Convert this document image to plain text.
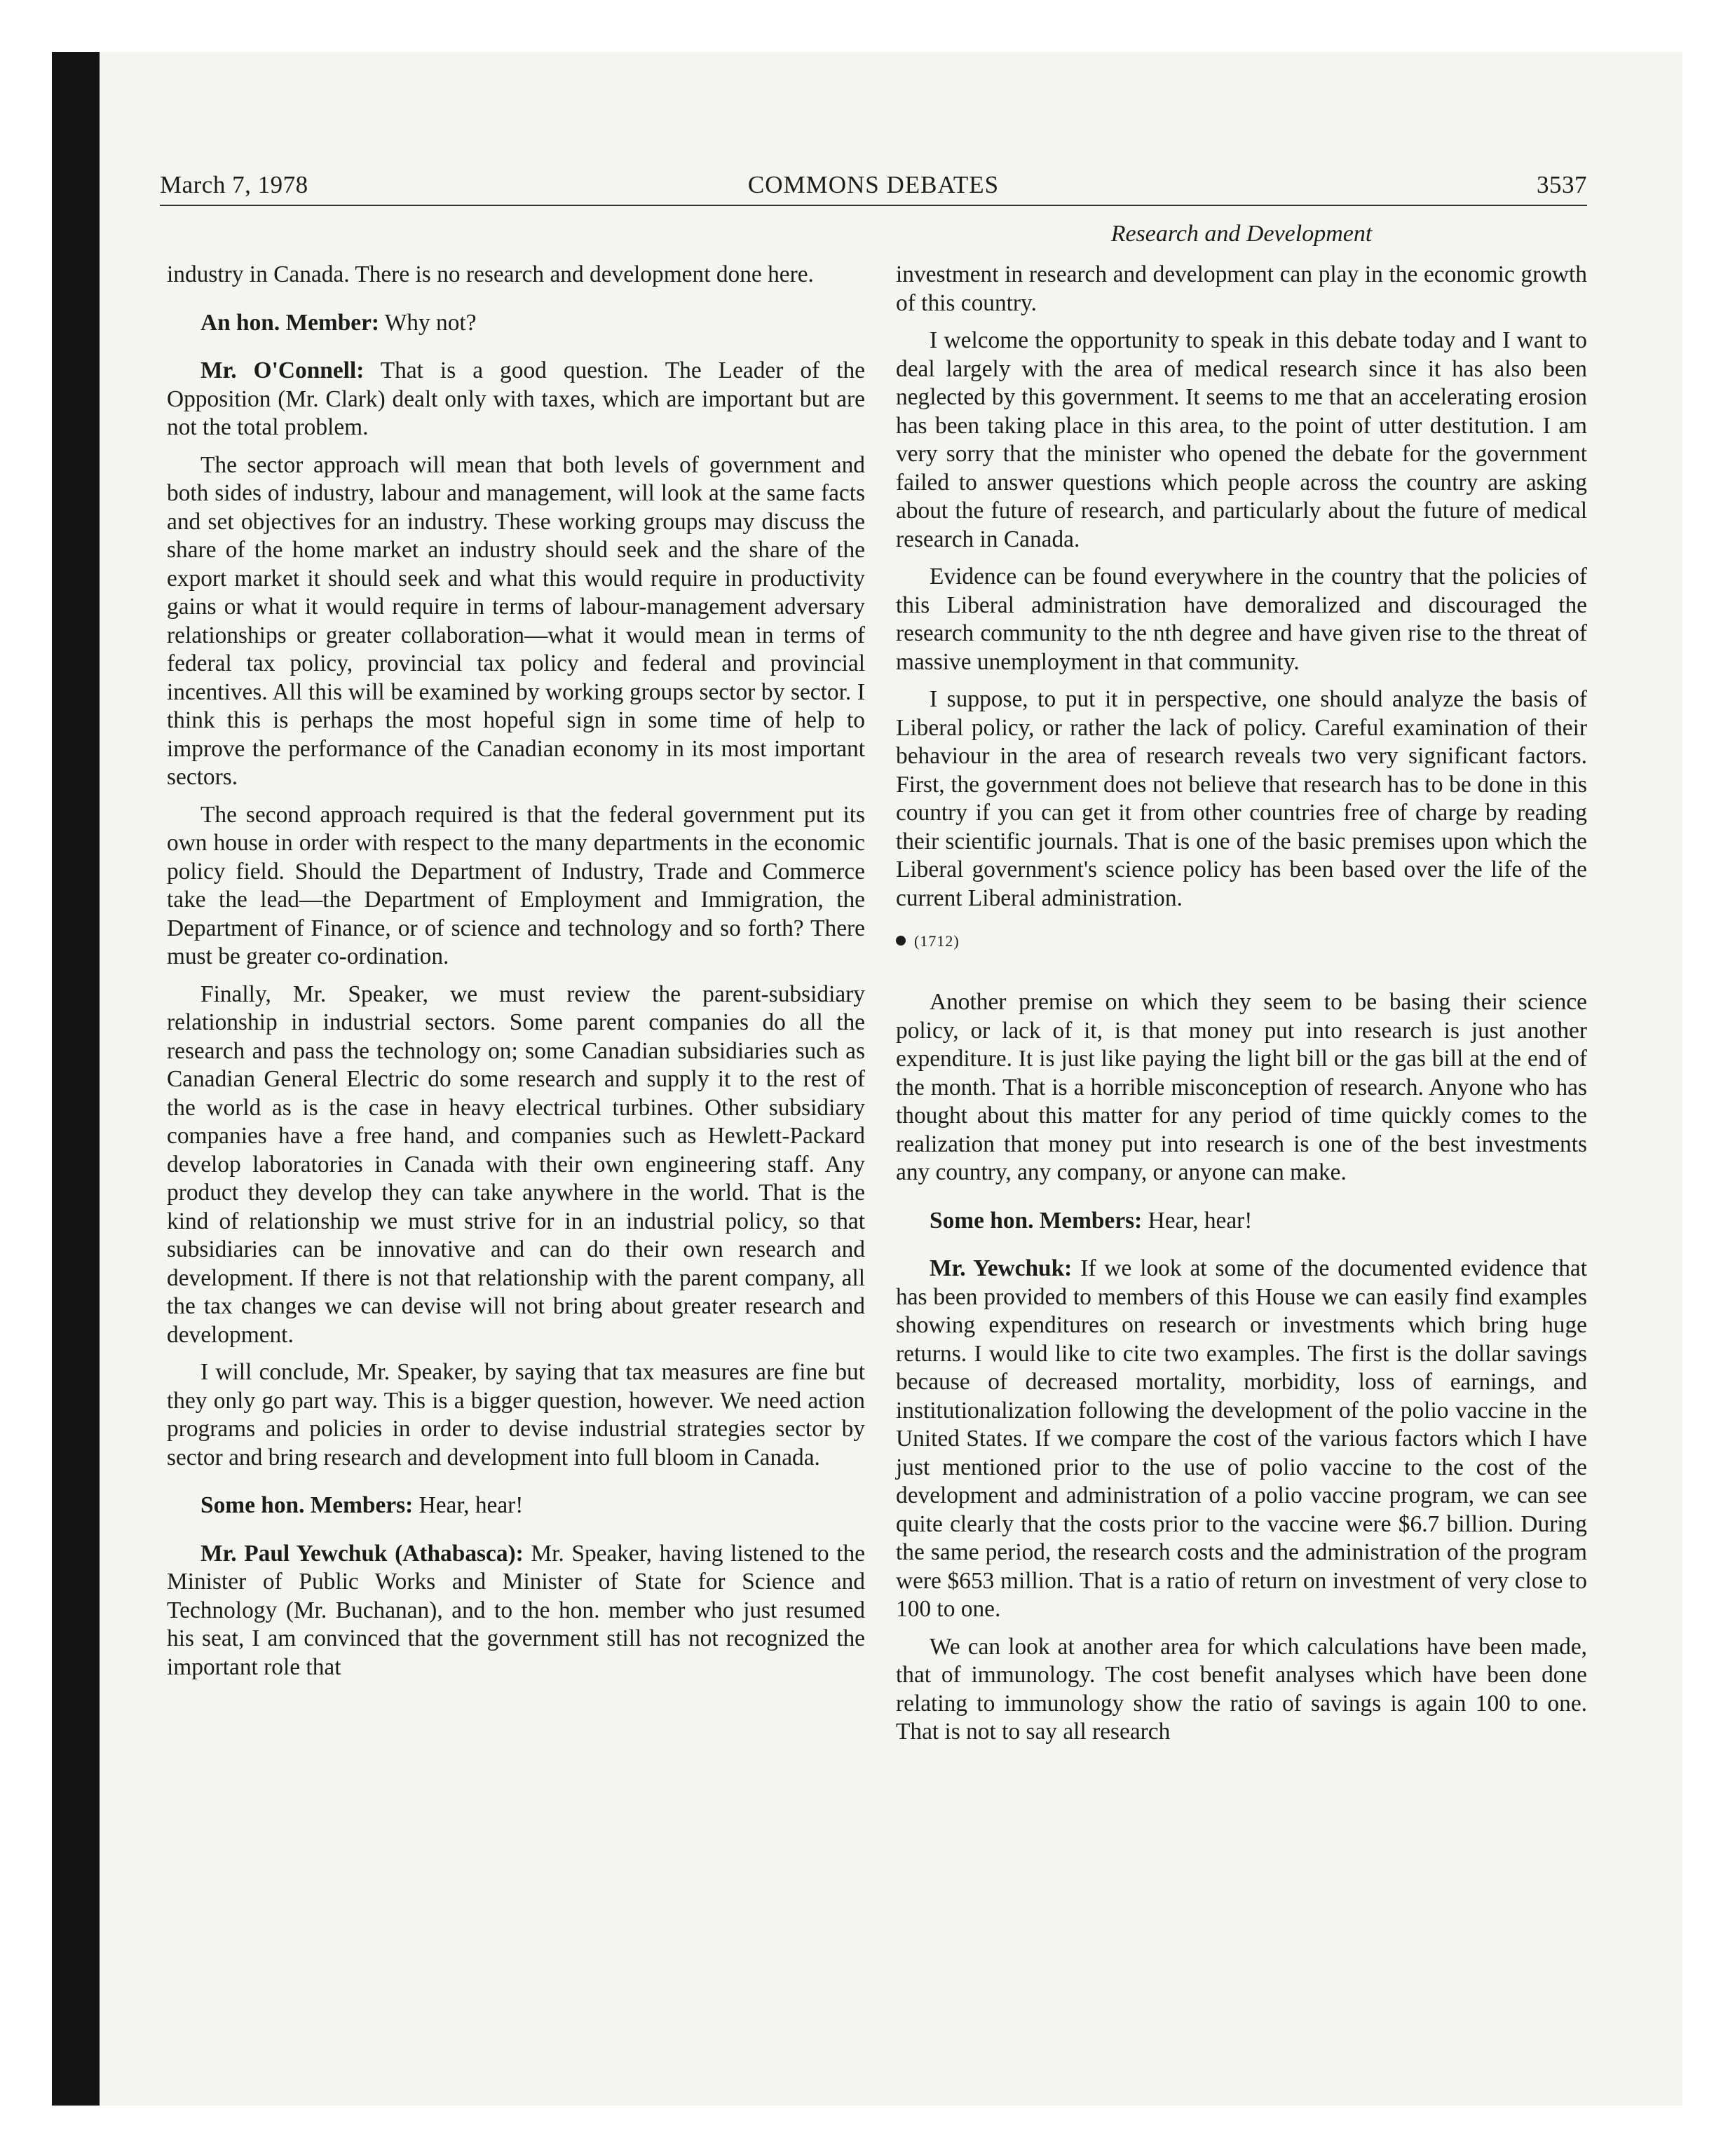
March 7, 1978	COMMONS DEBATES	3537
Research and Development

industry in Canada. There is no research and development done here.

An hon. Member: Why not?

Mr. O'Connell: That is a good question. The Leader of the Opposition (Mr. Clark) dealt only with taxes, which are important but are not the total problem.

The sector approach will mean that both levels of government and both sides of industry, labour and management, will look at the same facts and set objectives for an industry. These working groups may discuss the share of the home market an industry should seek and the share of the export market it should seek and what this would require in productivity gains or what it would require in terms of labour-management adversary relationships or greater collaboration—what it would mean in terms of federal tax policy, provincial tax policy and federal and provincial incentives. All this will be examined by working groups sector by sector. I think this is perhaps the most hopeful sign in some time of help to improve the performance of the Canadian economy in its most important sectors.

The second approach required is that the federal government put its own house in order with respect to the many departments in the economic policy field. Should the Department of Industry, Trade and Commerce take the lead—the Department of Employment and Immigration, the Department of Finance, or of science and technology and so forth? There must be greater co-ordination.

Finally, Mr. Speaker, we must review the parent-subsidiary relationship in industrial sectors. Some parent companies do all the research and pass the technology on; some Canadian subsidiaries such as Canadian General Electric do some research and supply it to the rest of the world as is the case in heavy electrical turbines. Other subsidiary companies have a free hand, and companies such as Hewlett-Packard develop laboratories in Canada with their own engineering staff. Any product they develop they can take anywhere in the world. That is the kind of relationship we must strive for in an industrial policy, so that subsidiaries can be innovative and can do their own research and development. If there is not that relationship with the parent company, all the tax changes we can devise will not bring about greater research and development.

I will conclude, Mr. Speaker, by saying that tax measures are fine but they only go part way. This is a bigger question, however. We need action programs and policies in order to devise industrial strategies sector by sector and bring research and development into full bloom in Canada.

Some hon. Members: Hear, hear!

Mr. Paul Yewchuk (Athabasca): Mr. Speaker, having listened to the Minister of Public Works and Minister of State for Science and Technology (Mr. Buchanan), and to the hon. member who just resumed his seat, I am convinced that the government still has not recognized the important role that

investment in research and development can play in the economic growth of this country.

I welcome the opportunity to speak in this debate today and I want to deal largely with the area of medical research since it has also been neglected by this government. It seems to me that an accelerating erosion has been taking place in this area, to the point of utter destitution. I am very sorry that the minister who opened the debate for the government failed to answer questions which people across the country are asking about the future of research, and particularly about the future of medical research in Canada.

Evidence can be found everywhere in the country that the policies of this Liberal administration have demoralized and discouraged the research community to the nth degree and have given rise to the threat of massive unemployment in that community.

I suppose, to put it in perspective, one should analyze the basis of Liberal policy, or rather the lack of policy. Careful examination of their behaviour in the area of research reveals two very significant factors. First, the government does not believe that research has to be done in this country if you can get it from other countries free of charge by reading their scientific journals. That is one of the basic premises upon which the Liberal government's science policy has been based over the life of the current Liberal administration.

(1712)

Another premise on which they seem to be basing their science policy, or lack of it, is that money put into research is just another expenditure. It is just like paying the light bill or the gas bill at the end of the month. That is a horrible misconception of research. Anyone who has thought about this matter for any period of time quickly comes to the realization that money put into research is one of the best investments any country, any company, or anyone can make.

Some hon. Members: Hear, hear!

Mr. Yewchuk: If we look at some of the documented evidence that has been provided to members of this House we can easily find examples showing expenditures on research or investments which bring huge returns. I would like to cite two examples. The first is the dollar savings because of decreased mortality, morbidity, loss of earnings, and institutionalization following the development of the polio vaccine in the United States. If we compare the cost of the various factors which I have just mentioned prior to the use of polio vaccine to the cost of the development and administration of a polio vaccine program, we can see quite clearly that the costs prior to the vaccine were $6.7 billion. During the same period, the research costs and the administration of the program were $653 million. That is a ratio of return on investment of very close to 100 to one.

We can look at another area for which calculations have been made, that of immunology. The cost benefit analyses which have been done relating to immunology show the ratio of savings is again 100 to one. That is not to say all research
